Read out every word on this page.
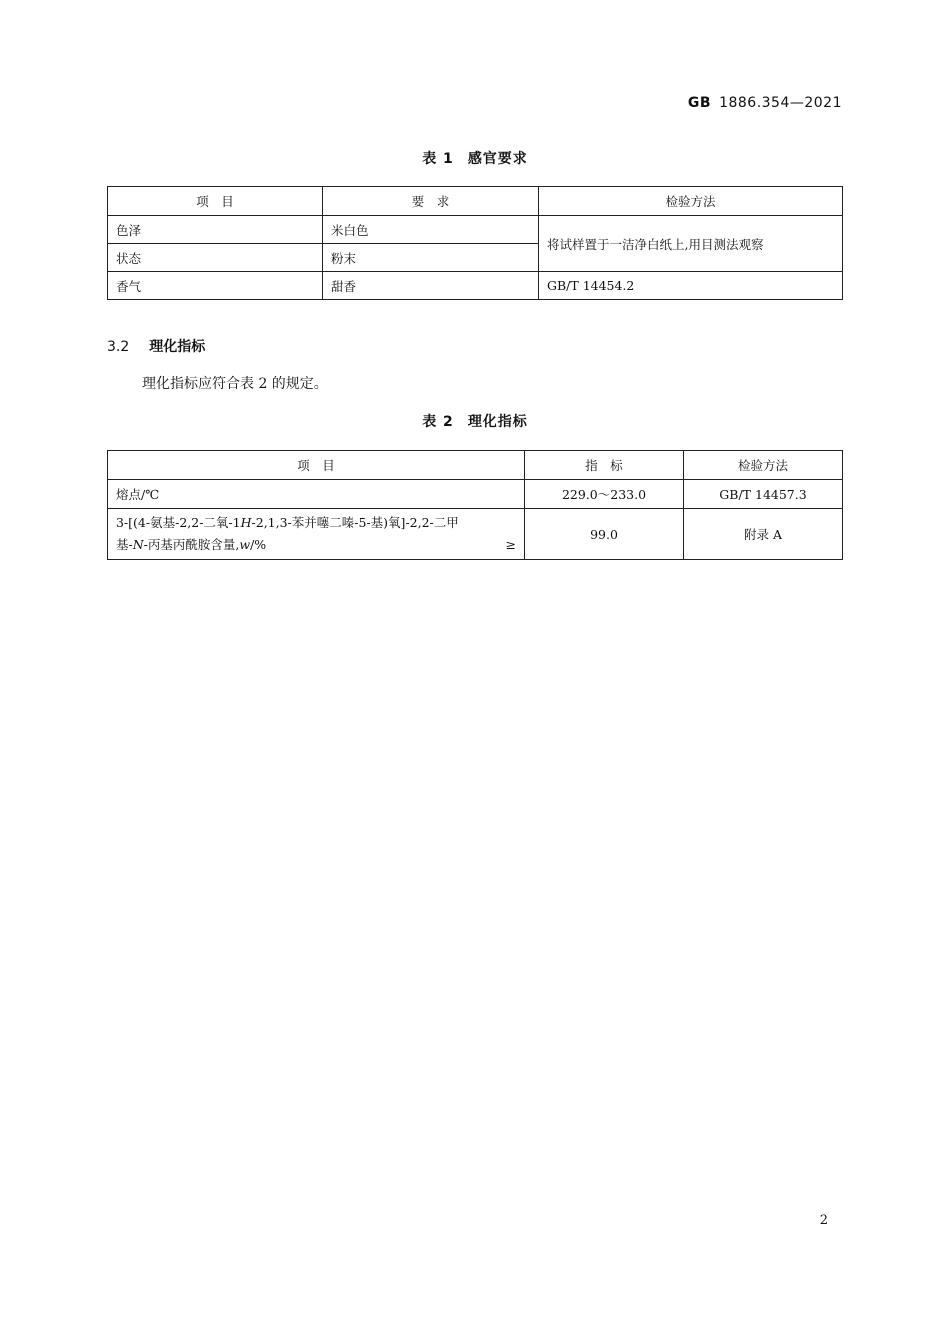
GB 1886.354—2021
表 1 感官要求
项　目	要　求	检验方法
色泽	米白色	将试样置于一洁净白纸上,用目测法观察
状态	粉末	
香气	甜香	GB/T 14454.2
3.2 理化指标
理化指标应符合表 2 的规定。
表 2 理化指标
项　目	指　标	检验方法
熔点/℃	229.0～233.0	GB/T 14457.3

3-[(4-氨基-2,2-二氧-1H-2,1,3-苯并噻二嗪-5-基)氧]-2,2-二甲
基-N-丙基丙酰胺含量,w/% ≥	99.0	附录 A
2
